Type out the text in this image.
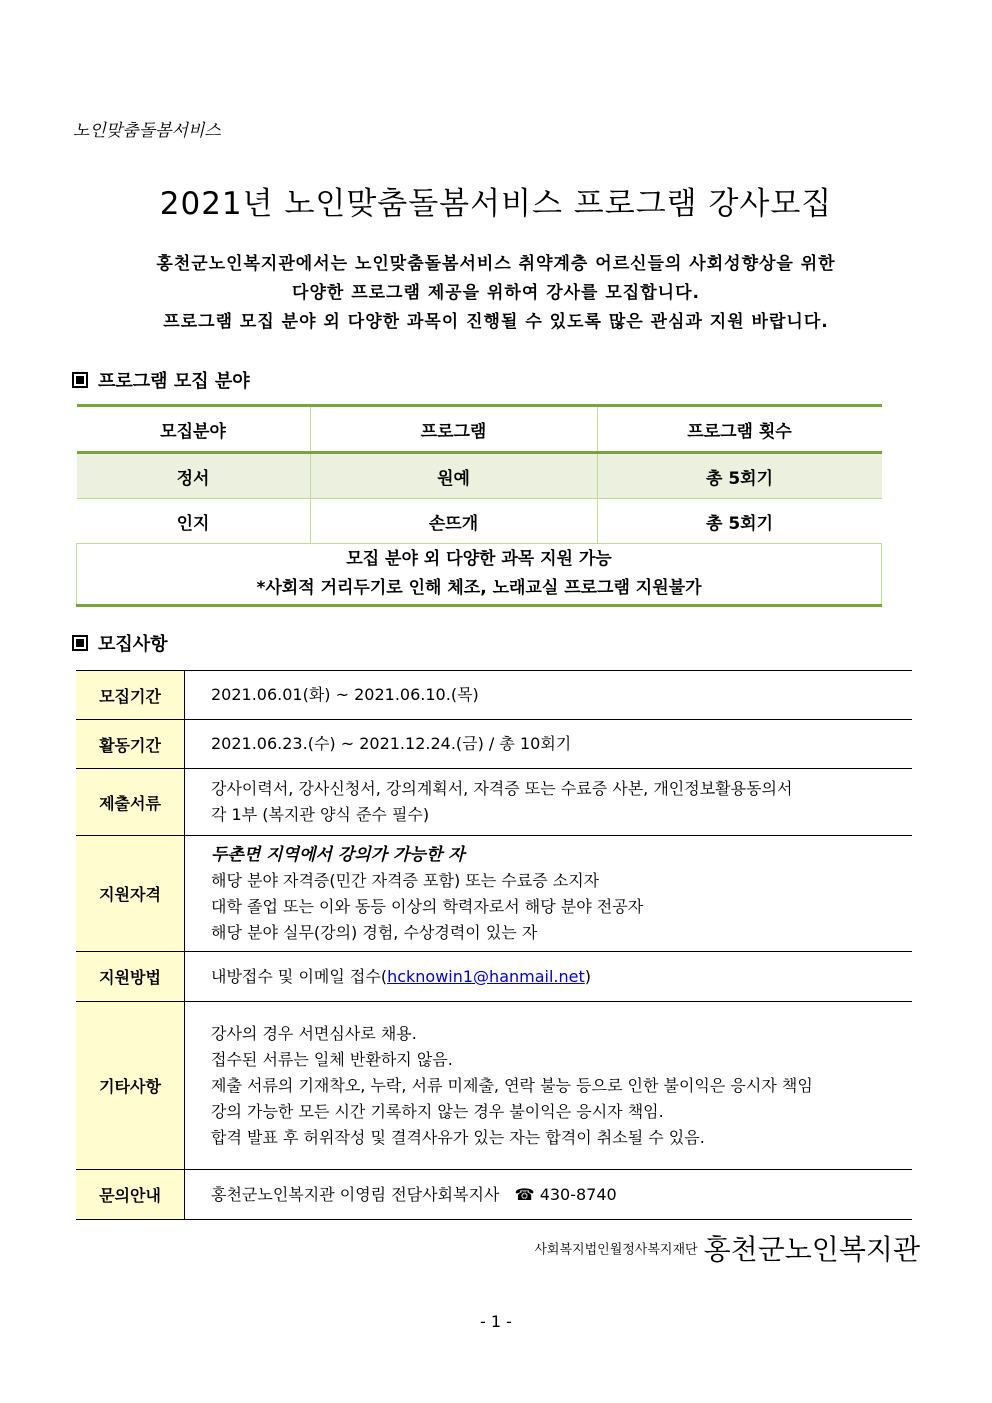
노인맞춤돌봄서비스
2021년 노인맞춤돌봄서비스 프로그램 강사모집
홍천군노인복지관에서는 노인맞춤돌봄서비스 취약계층 어르신들의 사회성향상을 위한
다양한 프로그램 제공을 위하여 강사를 모집합니다.
프로그램 모집 분야 외 다양한 과목이 진행될 수 있도록 많은 관심과 지원 바랍니다.
프로그램 모집 분야
모집분야	프로그램	프로그램 횟수
정서	원예	총 5회기
인지	손뜨개	총 5회기

모집 분야 외 다양한 과목 지원 가능
*사회적 거리두기로 인해 체조, 노래교실 프로그램 지원불가		
모집사항
모집기간	2021.06.01(화) ~ 2021.06.10.(목)
활동기간	2021.06.23.(수) ~ 2021.12.24.(금) / 총 10회기
제출서류	강사이력서, 강사신청서, 강의계획서, 자격증 또는 수료증 사본, 개인정보활용동의서
각 1부 (복지관 양식 준수 필수)

지원자격	두촌면 지역에서 강의가 가능한 자
해당 분야 자격증(민간 자격증 포함) 또는 수료증 소지자
대학 졸업 또는 이와 동등 이상의 학력자로서 해당 분야 전공자
해당 분야 실무(강의) 경험, 수상경력이 있는 자

지원방법	내방접수 및 이메일 접수(hcknowin1@hanmail.net)
기타사항	강사의 경우 서면심사로 채용.
접수된 서류는 일체 반환하지 않음.
제출 서류의 기재착오, 누락, 서류 미제출, 연락 불능 등으로 인한 불이익은 응시자 책임
강의 가능한 모든 시간 기록하지 않는 경우 불이익은 응시자 책임.
합격 발표 후 허위작성 및 결격사유가 있는 자는 합격이 취소될 수 있음.

문의안내	홍천군노인복지관 이영림 전담사회복지사 ☎ 430-8740
사회복지법인월정사복지재단 홍천군노인복지관
- 1 -
